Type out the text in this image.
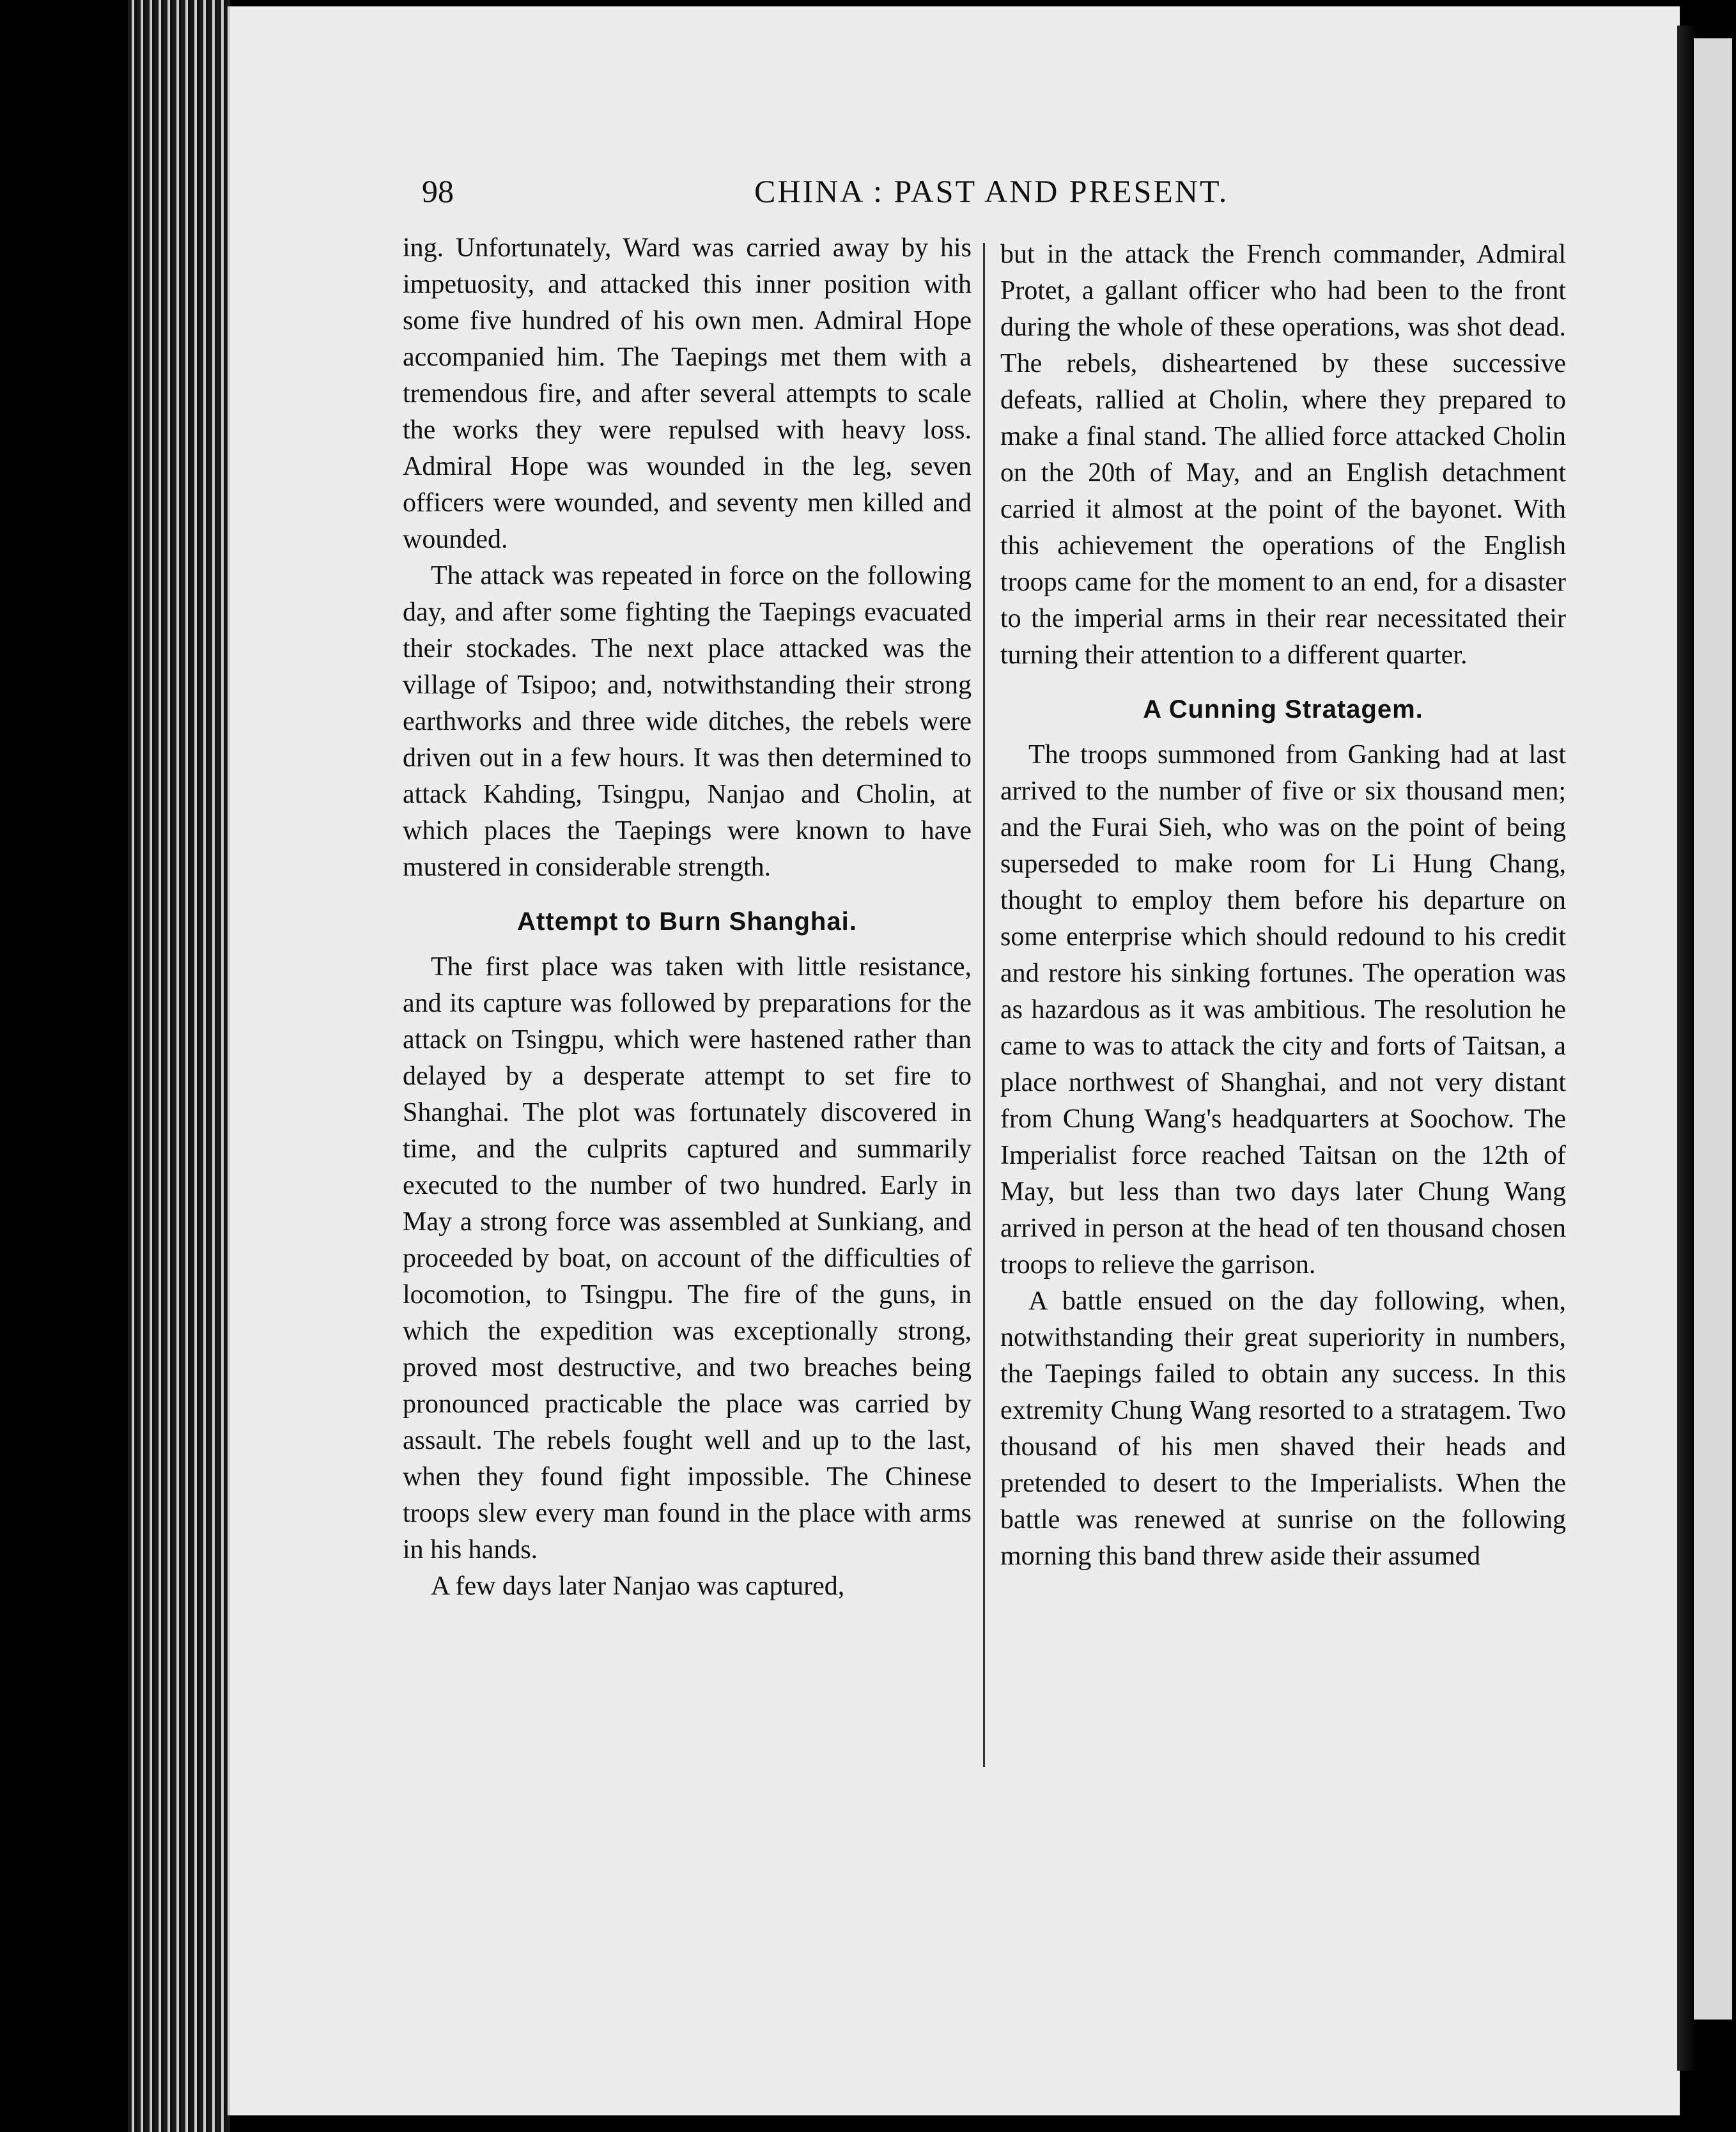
98	CHINA : PAST AND PRESENT.

ing. Unfortunately, Ward was carried away by his impetuosity, and attacked this inner position with some five hundred of his own men. Admiral Hope accompanied him. The Taepings met them with a tremendous fire, and after several attempts to scale the works they were repulsed with heavy loss. Admiral Hope was wounded in the leg, seven officers were wounded, and seventy men killed and wounded.

The attack was repeated in force on the following day, and after some fighting the Taepings evacuated their stockades. The next place attacked was the village of Tsipoo; and, notwithstanding their strong earthworks and three wide ditches, the rebels were driven out in a few hours. It was then determined to attack Kahding, Tsingpu, Nanjao and Cholin, at which places the Taepings were known to have mustered in considerable strength.

Attempt to Burn Shanghai.

The first place was taken with little resistance, and its capture was followed by preparations for the attack on Tsingpu, which were hastened rather than delayed by a desperate attempt to set fire to Shanghai. The plot was fortunately discovered in time, and the culprits captured and summarily executed to the number of two hundred. Early in May a strong force was assembled at Sunkiang, and proceeded by boat, on account of the difficulties of locomotion, to Tsingpu. The fire of the guns, in which the expedition was exceptionally strong, proved most destructive, and two breaches being pronounced practicable the place was carried by assault. The rebels fought well and up to the last, when they found fight impossible. The Chinese troops slew every man found in the place with arms in his hands.

A few days later Nanjao was captured,

but in the attack the French commander, Admiral Protet, a gallant officer who had been to the front during the whole of these operations, was shot dead. The rebels, disheartened by these successive defeats, rallied at Cholin, where they prepared to make a final stand. The allied force attacked Cholin on the 20th of May, and an English detachment carried it almost at the point of the bayonet. With this achievement the operations of the English troops came for the moment to an end, for a disaster to the imperial arms in their rear necessitated their turning their attention to a different quarter.

A Cunning Stratagem.

The troops summoned from Ganking had at last arrived to the number of five or six thousand men; and the Furai Sieh, who was on the point of being superseded to make room for Li Hung Chang, thought to employ them before his departure on some enterprise which should redound to his credit and restore his sinking fortunes. The operation was as hazardous as it was ambitious. The resolution he came to was to attack the city and forts of Taitsan, a place northwest of Shanghai, and not very distant from Chung Wang's headquarters at Soochow. The Imperialist force reached Taitsan on the 12th of May, but less than two days later Chung Wang arrived in person at the head of ten thousand chosen troops to relieve the garrison.

A battle ensued on the day following, when, notwithstanding their great superiority in numbers, the Taepings failed to obtain any success. In this extremity Chung Wang resorted to a stratagem. Two thousand of his men shaved their heads and pretended to desert to the Imperialists. When the battle was renewed at sunrise on the following morning this band threw aside their assumed
